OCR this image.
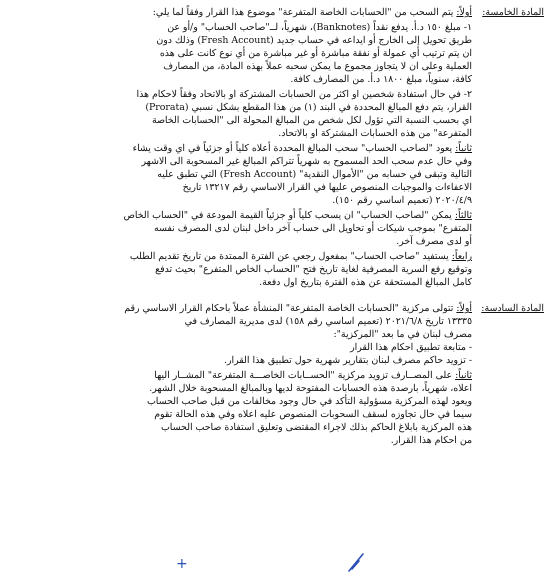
المادة الخامسة:
أولاً: يتم السحب من "الحسابات الخاصة المتفرعة" موضوع هذا القرار وفقاً لما يلي:
١- مبلغ ١٥٠ د.أ. يدفع نقداً (Banknotes)، شهرياً، لــ"صاحب الحساب" و/أو عن
طريق تحويل إلى الخارج أو ايداعه في حساب جديد (Fresh Account) وذلك دون
ان يتم ترتيب أي عمولة أو نفقة مباشرة أو غير مباشرة من أي نوع كانت على هذه
العملية وعلى ان لا يتجاوز مجموع ما يمكن سحبه عملاً بهذه المادة، من المصارف
كافة، سنوياً، مبلغ ١٨٠٠ د.أ. من المصارف كافة.
٢- في حال استفادة شخصين او اكثر من الحسابات المشتركة او بالاتحاد وفقاً لاحكام هذا
القرار، يتم دفع المبالغ المحددة في البند (١) من هذا المقطع بشكل نسبي (Prorata)
اي بحسب النسبة التي تؤول لكل شخص من المبالغ المحولة الى "الحسابات الخاصة
المتفرعة" من هذه الحسابات المشتركة او بالاتحاد.
ثانياً: يعود "لصاحب الحساب" سحب المبالغ المحددة أعلاه كلياً أو جزئياً في اي وقت يشاء
وفي حال عدم سحب الحد المسموح به شهرياً تتراكم المبالغ غير المسحوبة الى الاشهر
التالية وتبقى في حسابه من "الأموال النقدية" (Fresh Account) التي تطبق عليه
الاعفاءات والموجبات المنصوص عليها في القرار الاساسي رقم ١٣٢١٧ تاريخ
٢٠٢٠/٤/٩ (تعميم اساسي رقم ١٥٠).
ثالثاً: يمكن "لصاحب الحساب" ان يسحب كلياً أو جزئياً القيمة المودعة في "الحساب الخاص
المتفرع" بموجب شيكات أو تحاويل الى حساب آخر داخل لبنان لدى المصرف نفسه
أو لدى مصرف آخر.
رابعاً: يستفيد "صاحب الحساب" بمفعول رجعي عن الفترة الممتدة من تاريخ تقديم الطلب
وتوقيع رفع السرية المصرفية لغاية تاريخ فتح "الحساب الخاص المتفرع" بحيث تدفع
كامل المبالغ المستحقة عن هذه الفترة بتاريخ اول دفعة.
المادة السادسة:
أولاً: تتولى مركزية "الحسابات الخاصة المتفرعة" المنشأة عملاً باحكام القرار الاساسي رقم
١٣٣٣٥ تاريخ ٢٠٢١/٦/٨ (تعميم اساسي رقم ١٥٨) لدى مديرية المصارف في
مصرف لبنان في ما بعد "المركزية":
- متابعة تطبيق احكام هذا القرار
- تزويد حاكم مصرف لبنان بتقارير شهرية حول تطبيق هذا القرار.
ثانياً: على المصــارف تزويد مركزية "الحســابات الخاصـــة المتفرعة" المشــار اليها
اعلاه، شهرياً، بارصدة هذه الحسابات المفتوحة لديها وبالمبالغ المسحوبة خلال الشهر.
ويعود لهذه المركزية مسؤولية التأكد في حال وجود مخالفات من قبل صاحب الحساب
سيما في حال تجاوزه لسقف السحوبات المنصوص عليه اعلاه وفي هذه الحالة تقوم
هذه المركزية بابلاغ الحاكم بذلك لاجراء المقتضى وتعليق استفادة صاحب الحساب
من احكام هذا القرار.
+
